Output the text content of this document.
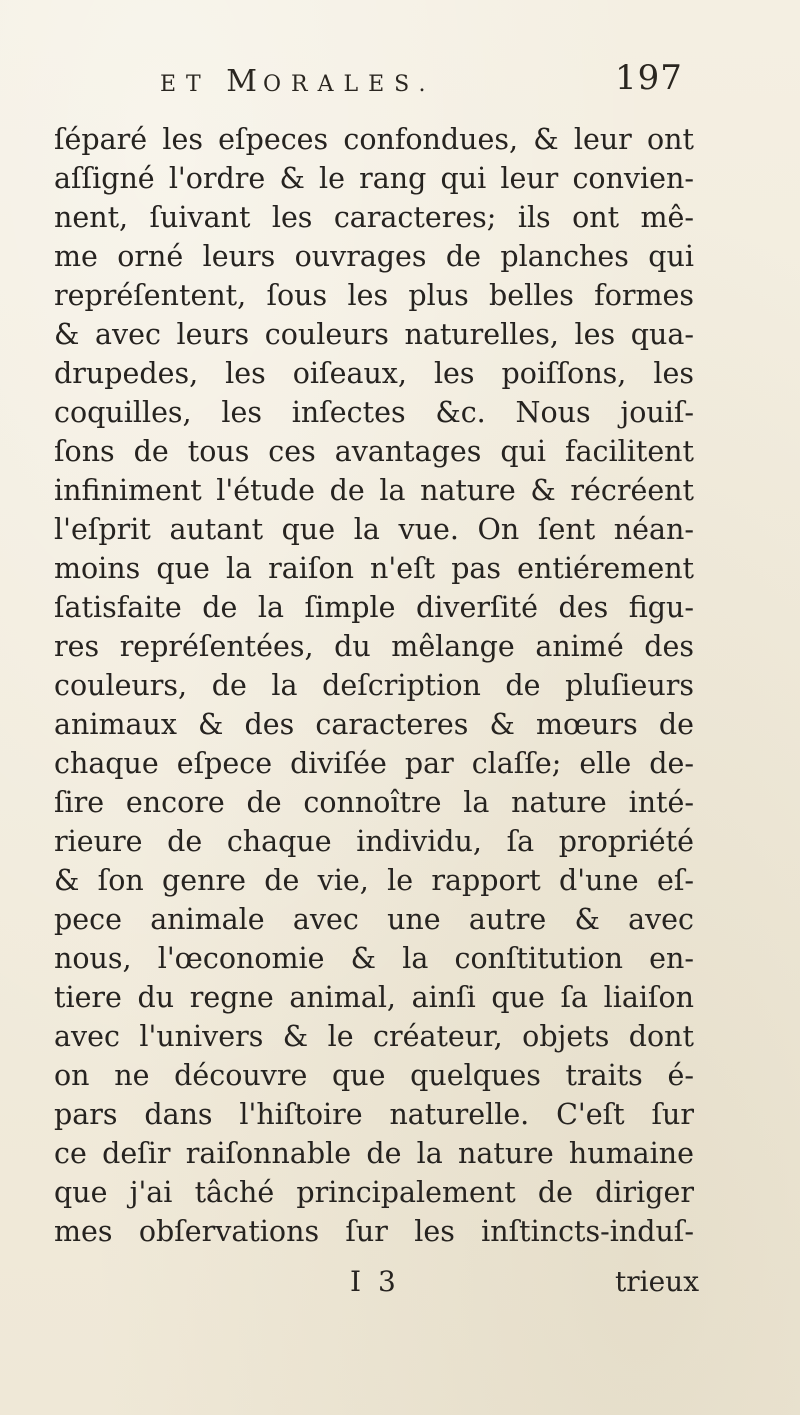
ET MORALES.	197
ſéparé les eſpeces confondues, & leur ont
aſſigné l'ordre & le rang qui leur convien-
nent, ſuivant les caracteres; ils ont mê-
me orné leurs ouvrages de planches qui
repréſentent, ſous les plus belles formes
& avec leurs couleurs naturelles, les qua-
drupedes, les oiſeaux, les poiſſons, les
coquilles, les inſectes &c. Nous jouiſ-
ſons de tous ces avantages qui facilitent
infiniment l'étude de la nature & récréent
l'eſprit autant que la vue. On ſent néan-
moins que la raiſon n'eſt pas entiérement
ſatisfaite de la ſimple diverſité des figu-
res repréſentées, du mêlange animé des
couleurs, de la deſcription de pluſieurs
animaux & des caracteres & mœurs de
chaque eſpece diviſée par claſſe; elle de-
ſire encore de connoître la nature inté-
rieure de chaque individu, ſa propriété
& ſon genre de vie, le rapport d'une eſ-
pece animale avec une autre & avec
nous, l'œconomie & la conſtitution en-
tiere du regne animal, ainſi que ſa liaiſon
avec l'univers & le créateur, objets dont
on ne découvre que quelques traits é-
pars dans l'hiſtoire naturelle. C'eſt ſur
ce deſir raiſonnable de la nature humaine
que j'ai tâché principalement de diriger
mes obſervations ſur les inſtincts-induſ-
I 3	trieux
